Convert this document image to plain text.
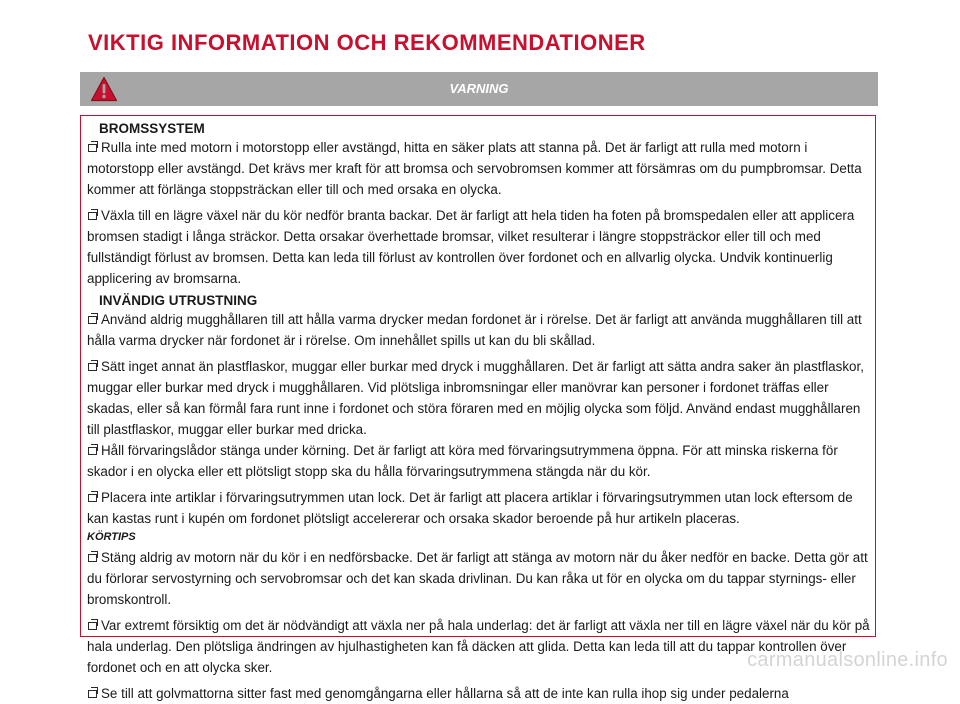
VIKTIG INFORMATION OCH REKOMMENDATIONER
VARNING
BROMSSYSTEM

Rulla inte med motorn i motorstopp eller avstängd, hitta en säker plats att stanna på. Det är farligt att rulla med motorn i motorstopp eller avstängd. Det krävs mer kraft för att bromsa och servobromsen kommer att försämras om du pumpbromsar. Detta kommer att förlänga stoppsträckan eller till och med orsaka en olycka.

Växla till en lägre växel när du kör nedför branta backar. Det är farligt att hela tiden ha foten på bromspedalen eller att applicera bromsen stadigt i långa sträckor. Detta orsakar överhettade bromsar, vilket resulterar i längre stoppsträckor eller till och med fullständigt förlust av bromsen. Detta kan leda till förlust av kontrollen över fordonet och en allvarlig olycka. Undvik kontinuerlig applicering av bromsarna.

INVÄNDIG UTRUSTNING

Använd aldrig mugghållaren till att hålla varma drycker medan fordonet är i rörelse. Det är farligt att använda mugghållaren till att hålla varma drycker när fordonet är i rörelse. Om innehållet spills ut kan du bli skållad.

Sätt inget annat än plastflaskor, muggar eller burkar med dryck i mugghållaren. Det är farligt att sätta andra saker än plastflaskor, muggar eller burkar med dryck i mugghållaren. Vid plötsliga inbromsningar eller manövrar kan personer i fordonet träffas eller skadas, eller så kan förmål fara runt inne i fordonet och störa föraren med en möjlig olycka som följd. Använd endast mugghållaren till plastflaskor, muggar eller burkar med dricka.

Håll förvaringslådor stänga under körning. Det är farligt att köra med förvaringsutrymmena öppna. För att minska riskerna för skador i en olycka eller ett plötsligt stopp ska du hålla förvaringsutrymmena stängda när du kör.

Placera inte artiklar i förvaringsutrymmen utan lock. Det är farligt att placera artiklar i förvaringsutrymmen utan lock eftersom de kan kastas runt i kupén om fordonet plötsligt accelererar och orsaka skador beroende på hur artikeln placeras.

KÖRTIPS

Stäng aldrig av motorn när du kör i en nedförsbacke. Det är farligt att stänga av motorn när du åker nedför en backe. Detta gör att du förlorar servostyrning och servobromsar och det kan skada drivlinan. Du kan råka ut för en olycka om du tappar styrnings- eller bromskontroll.

Var extremt försiktig om det är nödvändigt att växla ner på hala underlag: det är farligt att växla ner till en lägre växel när du kör på hala underlag. Den plötsliga ändringen av hjulhastigheten kan få däcken att glida. Detta kan leda till att du tappar kontrollen över fordonet och en att olycka sker.

Se till att golvmattorna sitter fast med genomgångarna eller hållarna så att de inte kan rulla ihop sig under pedalerna

carmanualsonline.info
